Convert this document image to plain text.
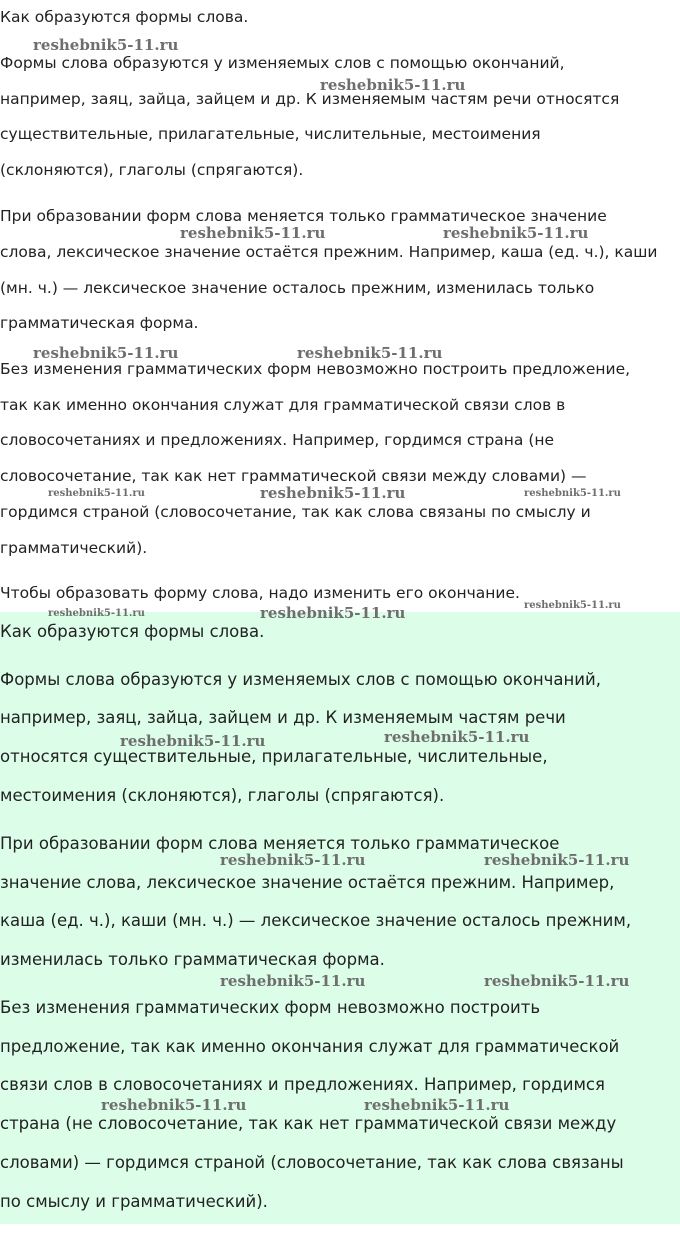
Как образуются формы слова.
Формы слова образуются у изменяемых слов с помощью окончаний,
например, заяц, зайца, зайцем и др. К изменяемым частям речи относятся
существительные, прилагательные, числительные, местоимения
(склоняются), глаголы (спрягаются).
При образовании форм слова меняется только грамматическое значение
слова, лексическое значение остаётся прежним. Например, каша (ед. ч.), каши
(мн. ч.) — лексическое значение осталось прежним, изменилась только
грамматическая форма.
Без изменения грамматических форм невозможно построить предложение,
так как именно окончания служат для грамматической связи слов в
словосочетаниях и предложениях. Например, гордимся страна (не
словосочетание, так как нет грамматической связи между словами) —
гордимся страной (словосочетание, так как слова связаны по смыслу и
грамматический).
Чтобы образовать форму слова, надо изменить его окончание.
Как образуются формы слова.
Формы слова образуются у изменяемых слов с помощью окончаний,
например, заяц, зайца, зайцем и др. К изменяемым частям речи
относятся существительные, прилагательные, числительные,
местоимения (склоняются), глаголы (спрягаются).
При образовании форм слова меняется только грамматическое
значение слова, лексическое значение остаётся прежним. Например,
каша (ед. ч.), каши (мн. ч.) — лексическое значение осталось прежним,
изменилась только грамматическая форма.
Без изменения грамматических форм невозможно построить
предложение, так как именно окончания служат для грамматической
связи слов в словосочетаниях и предложениях. Например, гордимся
страна (не словосочетание, так как нет грамматической связи между
словами) — гордимся страной (словосочетание, так как слова связаны
по смыслу и грамматический).
reshebnik5-11.ru
reshebnik5-11.ru
reshebnik5-11.ru	reshebnik5-11.ru
reshebnik5-11.ru	reshebnik5-11.ru
reshebnik5-11.ru	reshebnik5-11.ru	reshebnik5-11.ru
reshebnik5-11.ru	reshebnik5-11.ru	reshebnik5-11.ru
reshebnik5-11.ru	reshebnik5-11.ru
reshebnik5-11.ru	reshebnik5-11.ru
reshebnik5-11.ru	reshebnik5-11.ru
reshebnik5-11.ru	reshebnik5-11.ru
